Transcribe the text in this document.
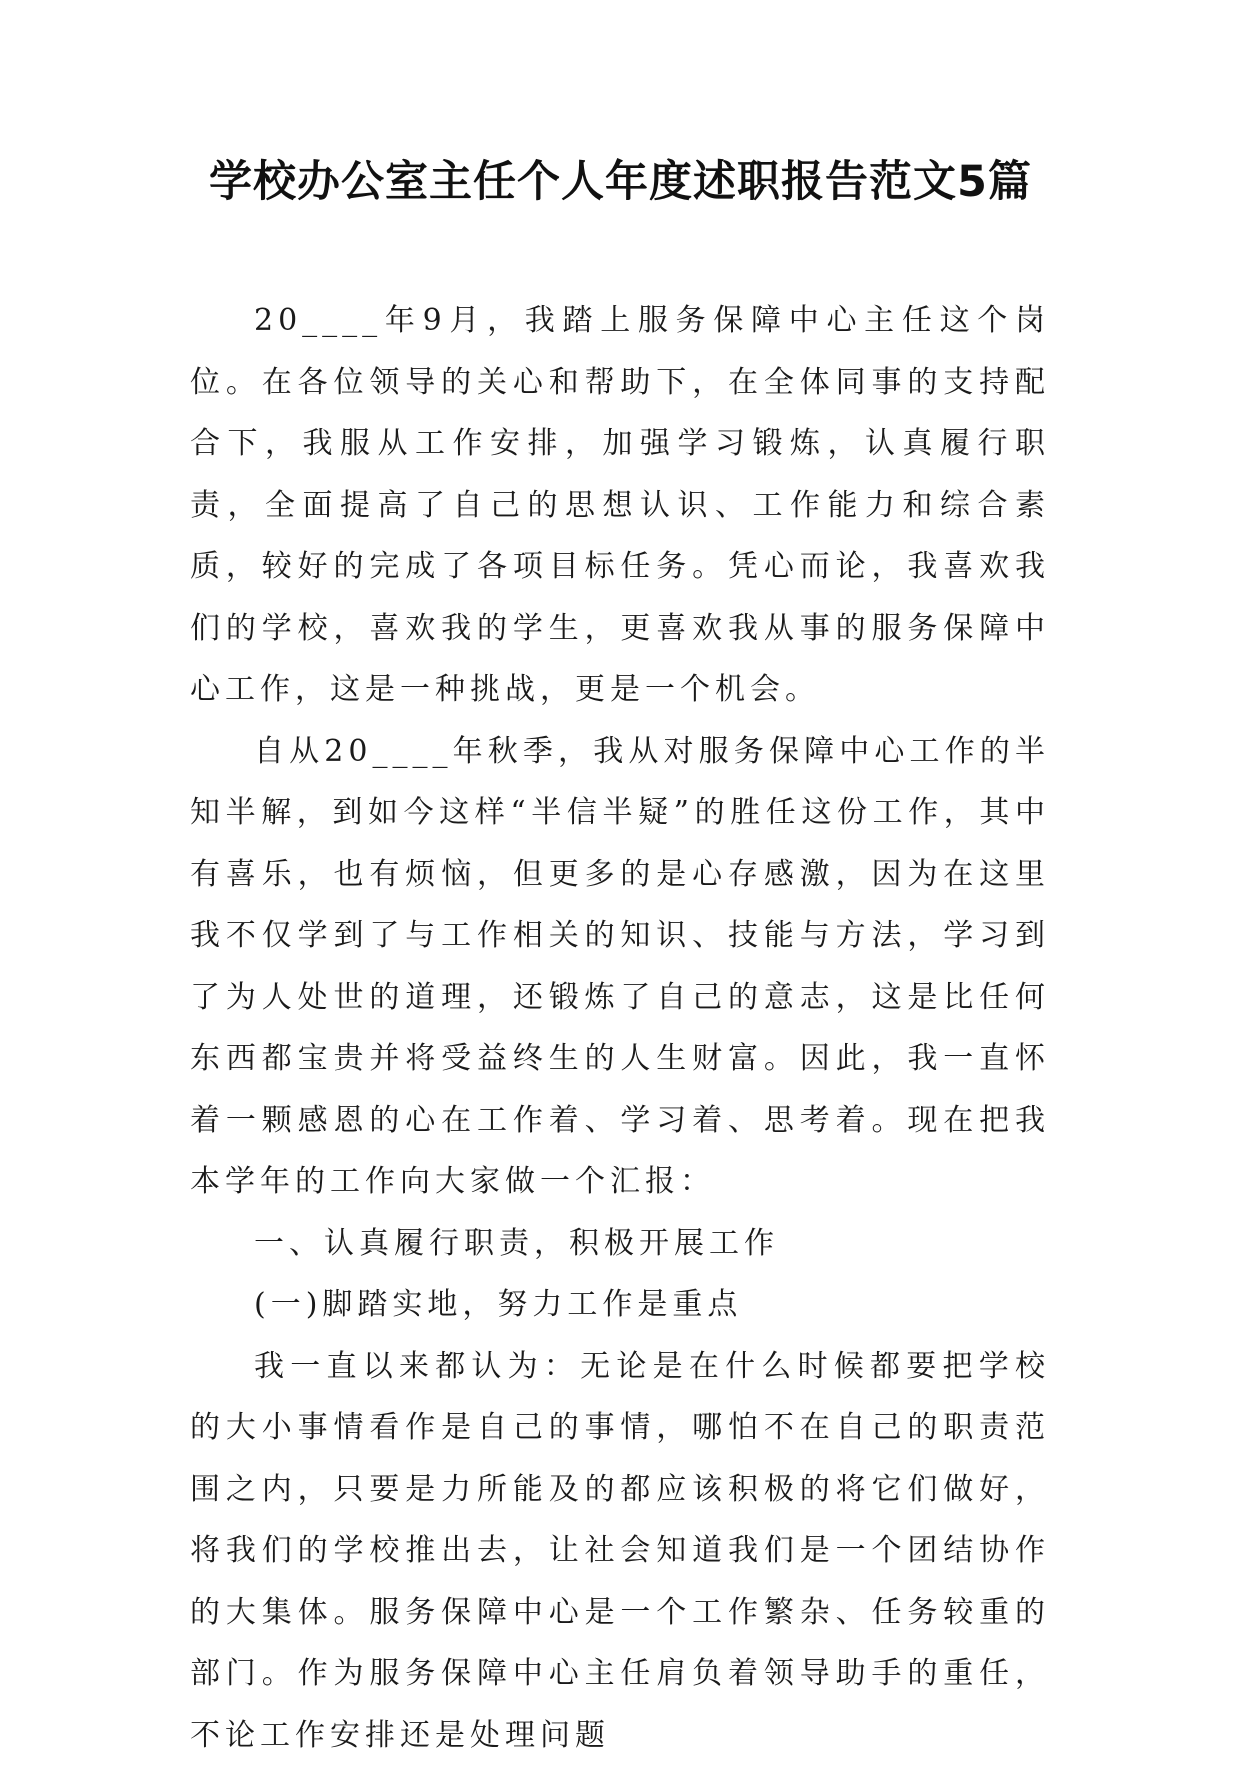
学校办公室主任个人年度述职报告范文5篇

20____年9月，我踏上服务保障中心主任这个岗位。在各位领导的关心和帮助下，在全体同事的支持配合下，我服从工作安排，加强学习锻炼，认真履行职责，全面提高了自己的思想认识、工作能力和综合素质，较好的完成了各项目标任务。凭心而论，我喜欢我们的学校，喜欢我的学生，更喜欢我从事的服务保障中心工作，这是一种挑战，更是一个机会。

自从20____年秋季，我从对服务保障中心工作的半知半解，到如今这样“半信半疑”的胜任这份工作，其中有喜乐，也有烦恼，但更多的是心存感激，因为在这里我不仅学到了与工作相关的知识、技能与方法，学习到了为人处世的道理，还锻炼了自己的意志，这是比任何东西都宝贵并将受益终生的人生财富。因此，我一直怀着一颗感恩的心在工作着、学习着、思考着。现在把我本学年的工作向大家做一个汇报：

一、认真履行职责，积极开展工作

(一)脚踏实地，努力工作是重点

我一直以来都认为：无论是在什么时候都要把学校的大小事情看作是自己的事情，哪怕不在自己的职责范围之内，只要是力所能及的都应该积极的将它们做好，将我们的学校推出去，让社会知道我们是一个团结协作的大集体。服务保障中心是一个工作繁杂、任务较重的部门。作为服务保障中心主任肩负着领导助手的重任，不论工作安排还是处理问题
